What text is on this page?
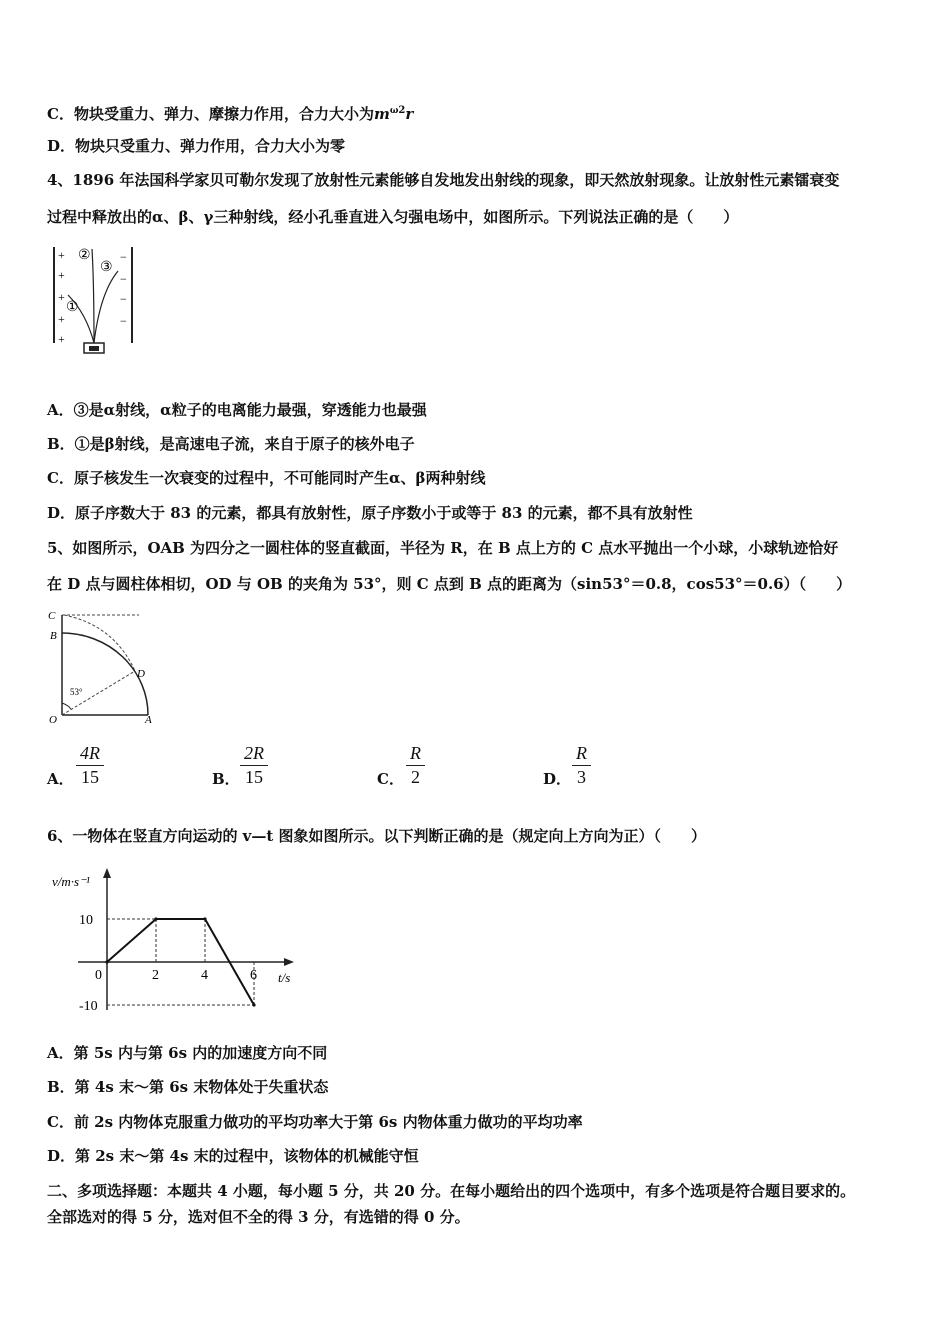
C．物块受重力、弹力、摩擦力作用，合力大小为$m^{\omega 2}r$
D．物块只受重力、弹力作用，合力大小为零
4、1896 年法国科学家贝可勒尔发现了放射性元素能够自发地发出射线的现象，即天然放射现象。让放射性元素镭衰变
过程中释放出的α、β、γ三种射线，经小孔垂直进入匀强电场中，如图所示。下列说法正确的是（　　）
+
+
+
+
+
−
−
−
−
①
②
③
A．③是α射线，α粒子的电离能力最强，穿透能力也最强
B．①是β射线，是高速电子流，来自于原子的核外电子
C．原子核发生一次衰变的过程中，不可能同时产生α、β两种射线
D．原子序数大于 83 的元素，都具有放射性，原子序数小于或等于 83 的元素，都不具有放射性
5、如图所示，OAB 为四分之一圆柱体的竖直截面，半径为 R，在 B 点上方的 C 点水平抛出一个小球，小球轨迹恰好
在 D 点与圆柱体相切，OD 与 OB 的夹角为 53°，则 C 点到 B 点的距离为（sin53°＝0.8，cos53°＝0.6）（　　）
C
B
D
O	A
53°
A．
4R
15	B．
2R
15	C．
R
2	D．
R
3
6、一物体在竖直方向运动的 v—t 图象如图所示。以下判断正确的是（规定向上方向为正）（　　）
v/m·s⁻¹
t/s
0	2	4	6
10
-10
A．第 5s 内与第 6s 内的加速度方向不同
B．第 4s 末～第 6s 末物体处于失重状态
C．前 2s 内物体克服重力做功的平均功率大于第 6s 内物体重力做功的平均功率
D．第 2s 末～第 4s 末的过程中，该物体的机械能守恒
二、多项选择题：本题共 4 小题，每小题 5 分，共 20 分。在每小题给出的四个选项中，有多个选项是符合题目要求的。
全部选对的得 5 分，选对但不全的得 3 分，有选错的得 0 分。
